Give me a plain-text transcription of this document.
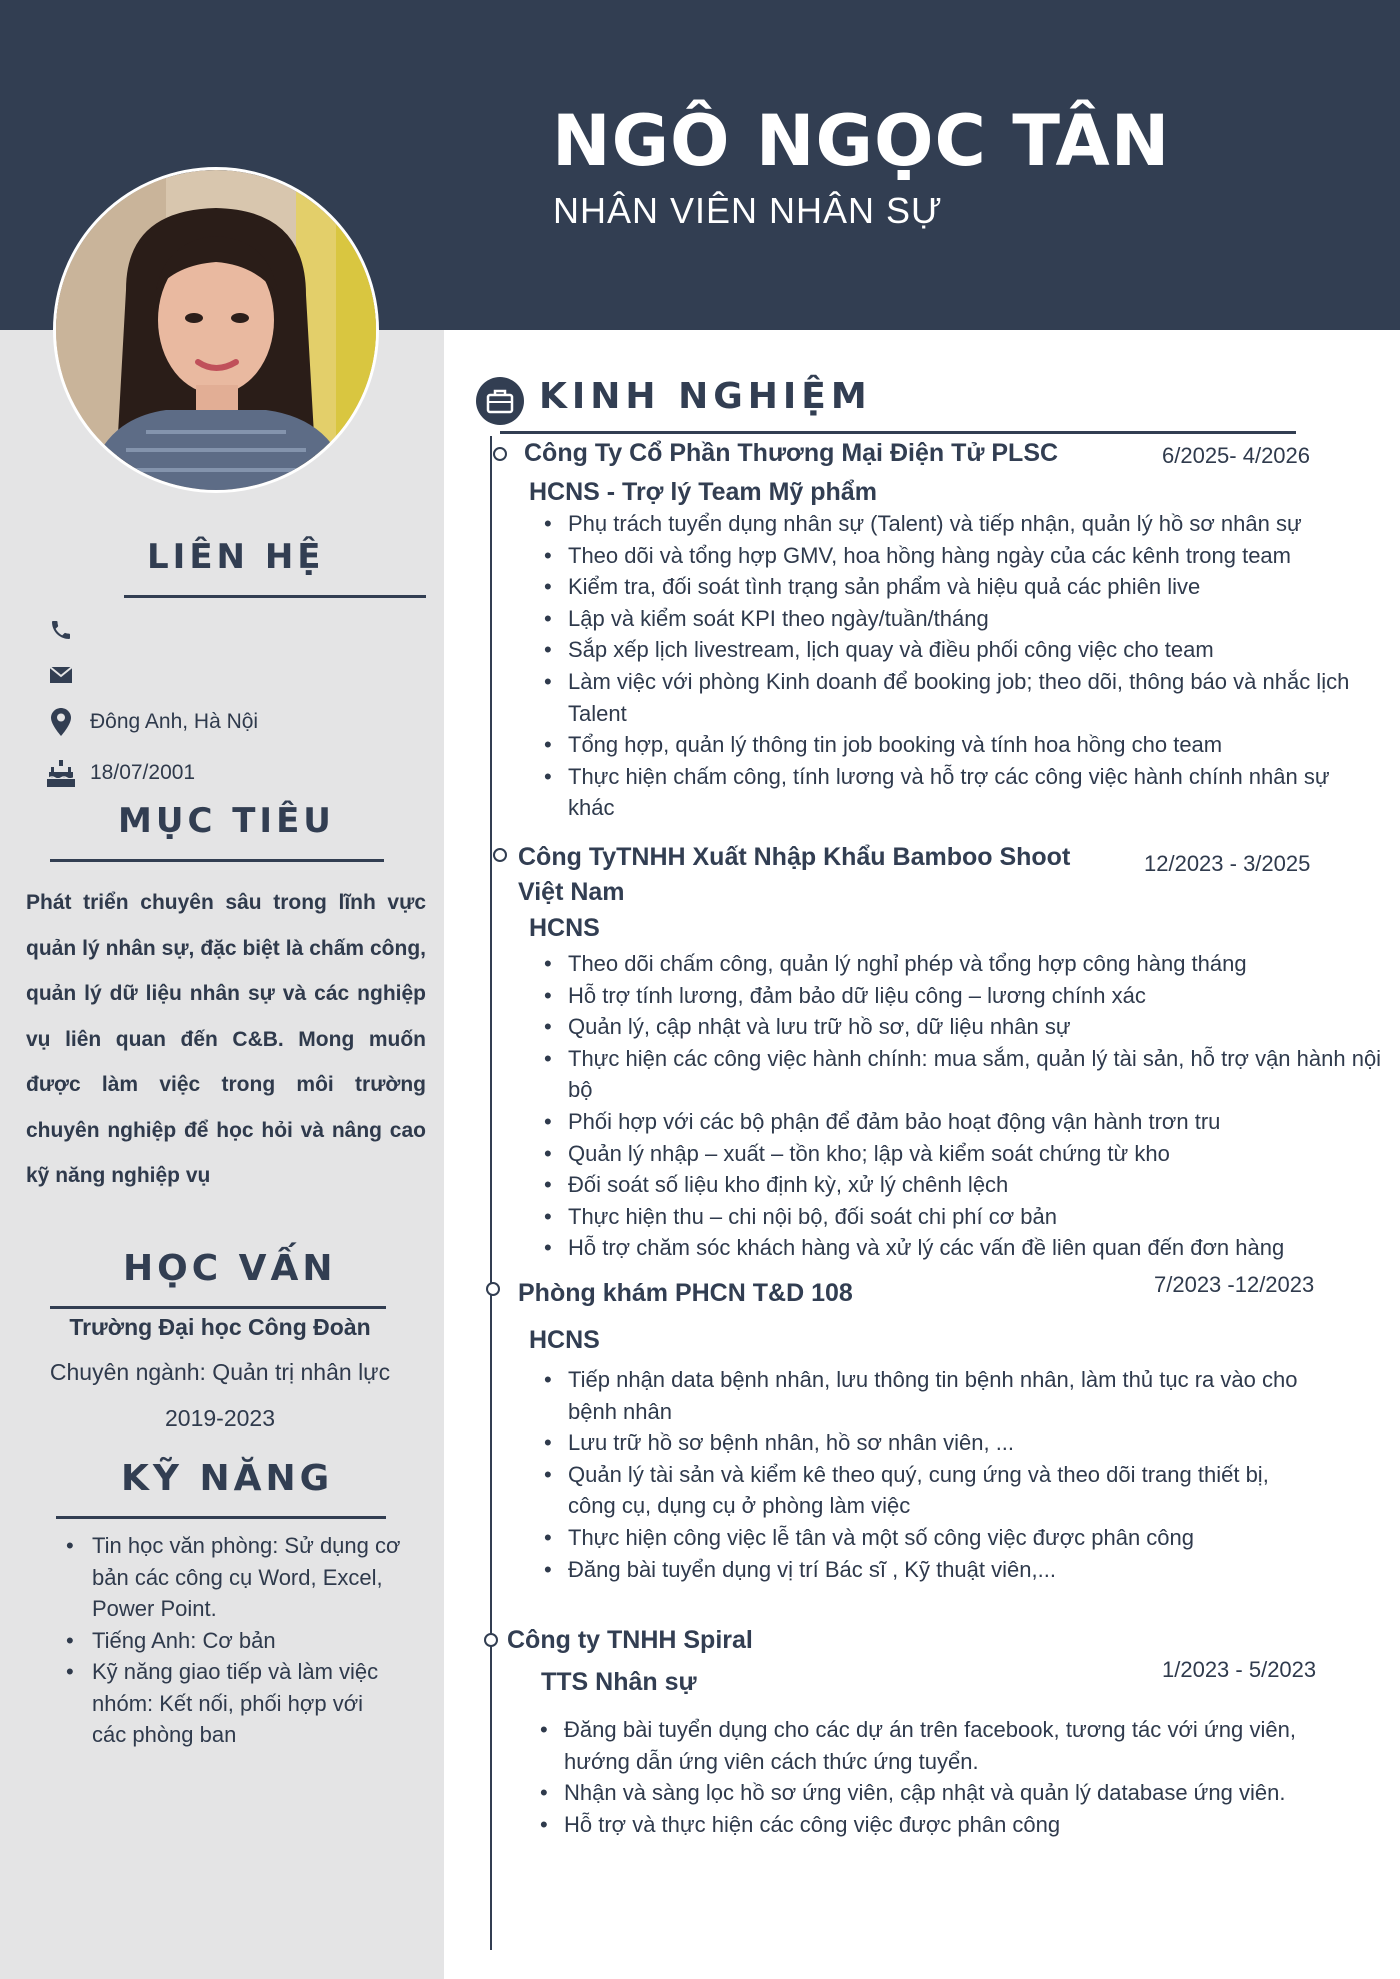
NGÔ NGỌC TÂN
NHÂN VIÊN NHÂN SỰ
LIÊN HỆ
Đông Anh, Hà Nội
18/07/2001
MỤC TIÊU
Phát triển chuyên sâu trong lĩnh vực quản lý nhân sự, đặc biệt là chấm công, quản lý dữ liệu nhân sự và các nghiệp vụ liên quan đến C&B. Mong muốn được làm việc trong môi trường chuyên nghiệp để học hỏi và nâng cao kỹ năng nghiệp vụ
HỌC VẤN
Trường Đại học Công Đoàn
Chuyên ngành: Quản trị nhân lực
2019-2023
KỸ NĂNG
• Tin học văn phòng: Sử dụng cơ bản các công cụ Word, Excel, Power Point.
• Tiếng Anh: Cơ bản
• Kỹ năng giao tiếp và làm việc nhóm: Kết nối, phối hợp với các phòng ban
KINH NGHIỆM
Công Ty Cổ Phần Thương Mại Điện Tử PLSC	6/2025- 4/2026
HCNS - Trợ lý Team Mỹ phẩm
• Phụ trách tuyển dụng nhân sự (Talent) và tiếp nhận, quản lý hồ sơ nhân sự
• Theo dõi và tổng hợp GMV, hoa hồng hàng ngày của các kênh trong team
• Kiểm tra, đối soát tình trạng sản phẩm và hiệu quả các phiên live
• Lập và kiểm soát KPI theo ngày/tuần/tháng
• Sắp xếp lịch livestream, lịch quay và điều phối công việc cho team
• Làm việc với phòng Kinh doanh để booking job; theo dõi, thông báo và nhắc lịch Talent
• Tổng hợp, quản lý thông tin job booking và tính hoa hồng cho team
• Thực hiện chấm công, tính lương và hỗ trợ các công việc hành chính nhân sự khác
Công TyTNHH Xuất Nhập Khẩu Bamboo Shoot Việt Nam
12/2023 - 3/2025
HCNS
• Theo dõi chấm công, quản lý nghỉ phép và tổng hợp công hàng tháng
• Hỗ trợ tính lương, đảm bảo dữ liệu công – lương chính xác
• Quản lý, cập nhật và lưu trữ hồ sơ, dữ liệu nhân sự
• Thực hiện các công việc hành chính: mua sắm, quản lý tài sản, hỗ trợ vận hành nội bộ
• Phối hợp với các bộ phận để đảm bảo hoạt động vận hành trơn tru
• Quản lý nhập – xuất – tồn kho; lập và kiểm soát chứng từ kho
• Đối soát số liệu kho định kỳ, xử lý chênh lệch
• Thực hiện thu – chi nội bộ, đối soát chi phí cơ bản
• Hỗ trợ chăm sóc khách hàng và xử lý các vấn đề liên quan đến đơn hàng
Phòng khám PHCN T&D 108	7/2023 -12/2023
HCNS
• Tiếp nhận data bệnh nhân, lưu thông tin bệnh nhân, làm thủ tục ra vào cho bệnh nhân
• Lưu trữ hồ sơ bệnh nhân, hồ sơ nhân viên, ...
• Quản lý tài sản và kiểm kê theo quý, cung ứng và theo dõi trang thiết bị, công cụ, dụng cụ ở phòng làm việc
• Thực hiện công việc lễ tân và một số công việc được phân công
• Đăng bài tuyển dụng vị trí Bác sĩ , Kỹ thuật viên,...
Công ty TNHH Spiral
1/2023 - 5/2023
TTS Nhân sự
• Đăng bài tuyển dụng cho các dự án trên facebook, tương tác với ứng viên, hướng dẫn ứng viên cách thức ứng tuyển.
• Nhận và sàng lọc hồ sơ ứng viên, cập nhật và quản lý database ứng viên.
• Hỗ trợ và thực hiện các công việc được phân công
